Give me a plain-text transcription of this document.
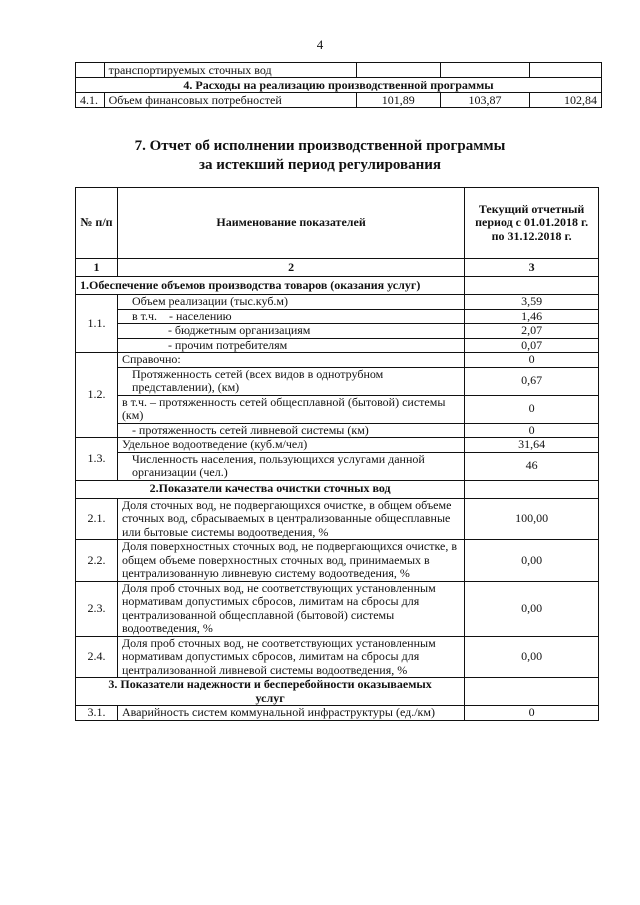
4
	транспортируемых сточных вод			
4. Расходы на реализацию производственной программы				
4.1.	Объем финансовых потребностей	101,89	103,87	102,84
7. Отчет об исполнении производственной программы
за истекший период регулирования
№ п/п	Наименование показателей	Текущий отчетный период с 01.01.2018 г. по 31.12.2018 г.
1	2	3
1.Обеспечение объемов производства товаров (оказания услуг)		
1.1.	Объем реализации (тыс.куб.м)	3,59
	в т.ч.    - населению	1,46
	- бюджетным организациям	2,07
	- прочим потребителям	0,07
1.2.	Справочно:	0
	Протяженность сетей (всех видов в однотрубном представлении), (км)	0,67
	в т.ч. – протяженность сетей общесплавной (бытовой) системы (км)	0
	- протяженность сетей ливневой системы (км)	0
1.3.	Удельное водоотведение (куб.м/чел)	31,64
	Численность населения, пользующихся услугами данной организации (чел.)	46
2.Показатели качества очистки сточных вод		
2.1.	Доля сточных вод, не подвергающихся очистке, в общем объеме сточных вод, сбрасываемых в централизованные общесплавные или бытовые системы водоотведения, %	100,00
2.2.	Доля поверхностных сточных вод, не подвергающихся очистке, в общем объеме поверхностных сточных вод, принимаемых в централизованную ливневую систему водоотведения, %	0,00
2.3.	Доля проб сточных вод, не соответствующих установленным нормативам допустимых сбросов, лимитам на сбросы для централизованной общесплавной (бытовой) системы водоотведения, %	0,00
2.4.	Доля проб сточных вод, не соответствующих установленным нормативам допустимых сбросов, лимитам на сбросы для централизованной ливневой системы водоотведения, %	0,00
3. Показатели надежности и бесперебойности оказываемых услуг		
3.1.	Аварийность систем коммунальной инфраструктуры (ед./км)	0
